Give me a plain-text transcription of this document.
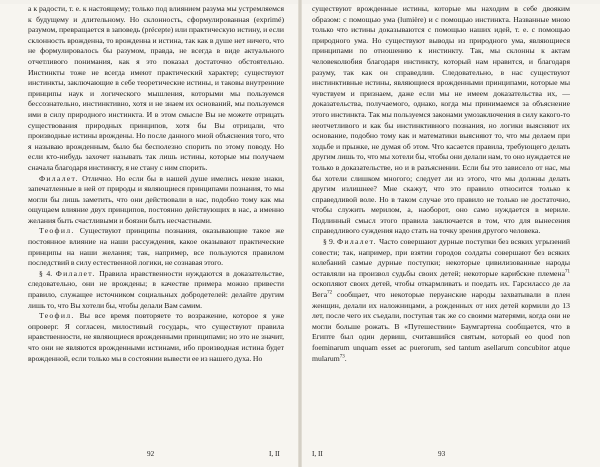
а к радости, т. е. к настоящему; только под влиянием разума мы устремляемся к будущему и длительному. Но склонность, сформулированная (exprimé) разумом, превращается в заповедь (précepte) или практическую истину, и если склонность врожденна, то врожденна и истина, так как в душе нет ничего, что не формулировалось бы разумом, правда, не всегда в виде актуального отчетливого понимания, как я это показал достаточно обстоятельно. Инстинкты тоже не всегда имеют практический характер; существуют инстинкты, заключающие в себе теоретические истины, и таковы внутренние принципы наук и логического мышления, которыми мы пользуемся бессознательно, инстинктивно, хотя и не знаем их оснований, мы пользуемся ими в силу природного инстинкта. И в этом смысле Вы не можете отрицать существования природных принципов, хотя бы Вы отрицали, что производные истины врождены. Но после данного мной объяснения того, что я называю врожденным, было бы бесполезно спорить по этому поводу. Но если кто-нибудь захочет называть так лишь истины, которые мы получаем сначала благодаря инстинкту, я не стану с ним спорить.

Филалет. Отлично. Но если бы в нашей душе имелись некие знаки, запечатленные в ней от природы и являющиеся принципами познания, то мы могли бы лишь заметить, что они действовали в нас, подобно тому как мы ощущаем влияние двух принципов, постоянно действующих в нас, а именно желания быть счастливыми и боязни быть несчастными.

Теофил. Существуют принципы познания, оказывающие такое же постоянное влияние на наши рассуждения, какое оказывают практические принципы на наши желания; так, например, все пользуются правилом последствий в силу естественной логики, не сознавая этого.

§ 4. Филалет. Правила нравственности нуждаются в доказательстве, следовательно, они не врождены; в качестве примера можно привести правило, служащее источником социальных добродетелей: делайте другим лишь то, что Вы хотели бы, чтобы делали Вам самим.

Теофил. Вы все время повторяете то возражение, которое я уже опроверг. Я согласен, милостивый государь, что существуют правила нравственности, не являющиеся врожденными принципами; но это не значит, что они не являются врожденными истинами, ибо производная истина будет врожденной, если только мы в состоянии вывести ее из нашего духа. Но

существуют врожденные истины, которые мы находим в себе двояким образом: с помощью ума (lumière) и с помощью инстинкта. Названные мною только что истины доказываются с помощью наших идей, т. е. с помощью природного ума. Но существуют выводы из природного ума, являющиеся принципами по отношению к инстинкту. Так, мы склонны к актам человеколюбия благодаря инстинкту, который нам нравится, и благодаря разуму, так как он справедлив. Следовательно, в нас существуют инстинктивные истины, являющиеся врожденными принципами, которые мы чувствуем и признаем, даже если мы не имеем доказательства их, — доказательства, получаемого, однако, когда мы принимаемся за объяснение этого инстинкта. Так мы пользуемся законами умозаключения в силу какого-то неотчетливого и как бы инстинктивного познания, но логики выясняют их основание, подобно тому как и математики выясняют то, что мы делаем при ходьбе и прыжке, не думая об этом. Что касается правила, требующего делать другим лишь то, что мы хотели бы, чтобы они делали нам, то оно нуждается не только в доказательстве, но и в разъяснении. Если бы это зависело от нас, мы бы хотели слишком многого; следует ли из этого, что мы должны делать другим излишнее? Мне скажут, что это правило относится только к справедливой воле. Но в таком случае это правило не только не достаточно, чтобы служить мерилом, а, наоборот, оно само нуждается в мериле. Подлинный смысл этого правила заключается в том, что для вынесения справедливого суждения надо стать на точку зрения другого человека.

§ 9. Филалет. Часто совершают дурные поступки без всяких угрызений совести; так, например, при взятии городов солдаты совершают без всяких колебаний самые дурные поступки; некоторые цивилизованные народы оставляли на произвол судьбы своих детей; некоторые карибские племена$^{71}$ оскопляют своих детей, чтобы откармливать и поедать их. Гарсилассо де ла Вега$^{72}$ сообщает, что некоторые перуанские народы захватывали в плен женщин, делали их наложницами, а рожденных от них детей кормили до 13 лет, после чего их съедали, поступая так же со своими матерями, когда они не могли больше рожать. В «Путешествии» Баумгартена сообщается, что в Египте был один дервиш, считавшийся святым, который eo quod non foeminarum unquam esset ac puerorum, sed tantum asellarum concubitor atque mularum$^{73}$.

92	I, II	I, II	93
